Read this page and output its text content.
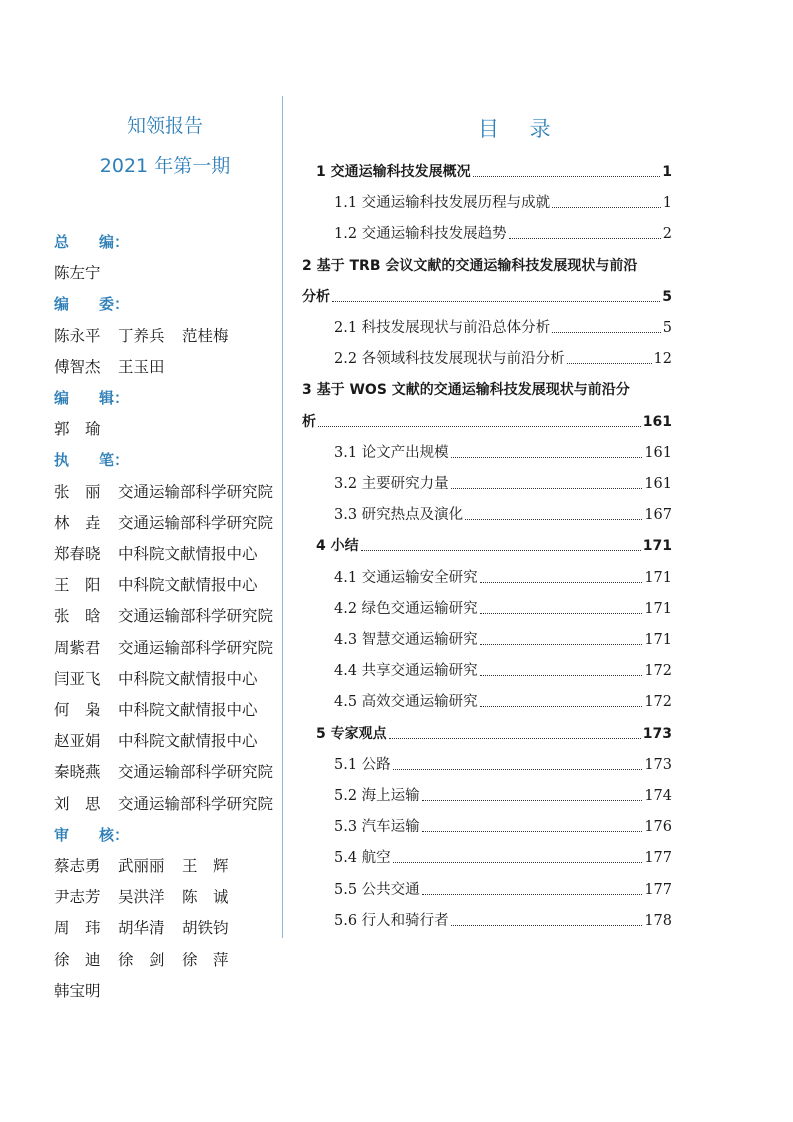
知领报告
2021 年第一期
总　　编：
陈左宁
编　　委：
陈永平 丁养兵 范桂梅
傅智杰 王玉田
编　　辑：
郭　瑜
执　　笔：
张　丽 交通运输部科学研究院
林　垚 交通运输部科学研究院
郑春晓 中科院文献情报中心
王　阳 中科院文献情报中心
张　晗 交通运输部科学研究院
周紫君 交通运输部科学研究院
闫亚飞 中科院文献情报中心
何　枭 中科院文献情报中心
赵亚娟 中科院文献情报中心
秦晓燕 交通运输部科学研究院
刘　思 交通运输部科学研究院
审　　核：
蔡志勇 武丽丽 王　辉
尹志芳 吴洪洋 陈　诚
周　玮 胡华清 胡铁钧
徐　迪 徐　剑 徐　萍
韩宝明
目 录
1 交通运输科技发展概况	1
1.1 交通运输科技发展历程与成就	1
1.2 交通运输科技发展趋势	2
2 基于 TRB 会议文献的交通运输科技发展现状与前沿
分析	5
2.1 科技发展现状与前沿总体分析	5
2.2 各领域科技发展现状与前沿分析	12
3 基于 WOS 文献的交通运输科技发展现状与前沿分
析	161
3.1 论文产出规模	161
3.2 主要研究力量	161
3.3 研究热点及演化	167
4 小结	171
4.1 交通运输安全研究	171
4.2 绿色交通运输研究	171
4.3 智慧交通运输研究	171
4.4 共享交通运输研究	172
4.5 高效交通运输研究	172
5 专家观点	173
5.1 公路	173
5.2 海上运输	174
5.3 汽车运输	176
5.4 航空	177
5.5 公共交通	177
5.6 行人和骑行者	178
